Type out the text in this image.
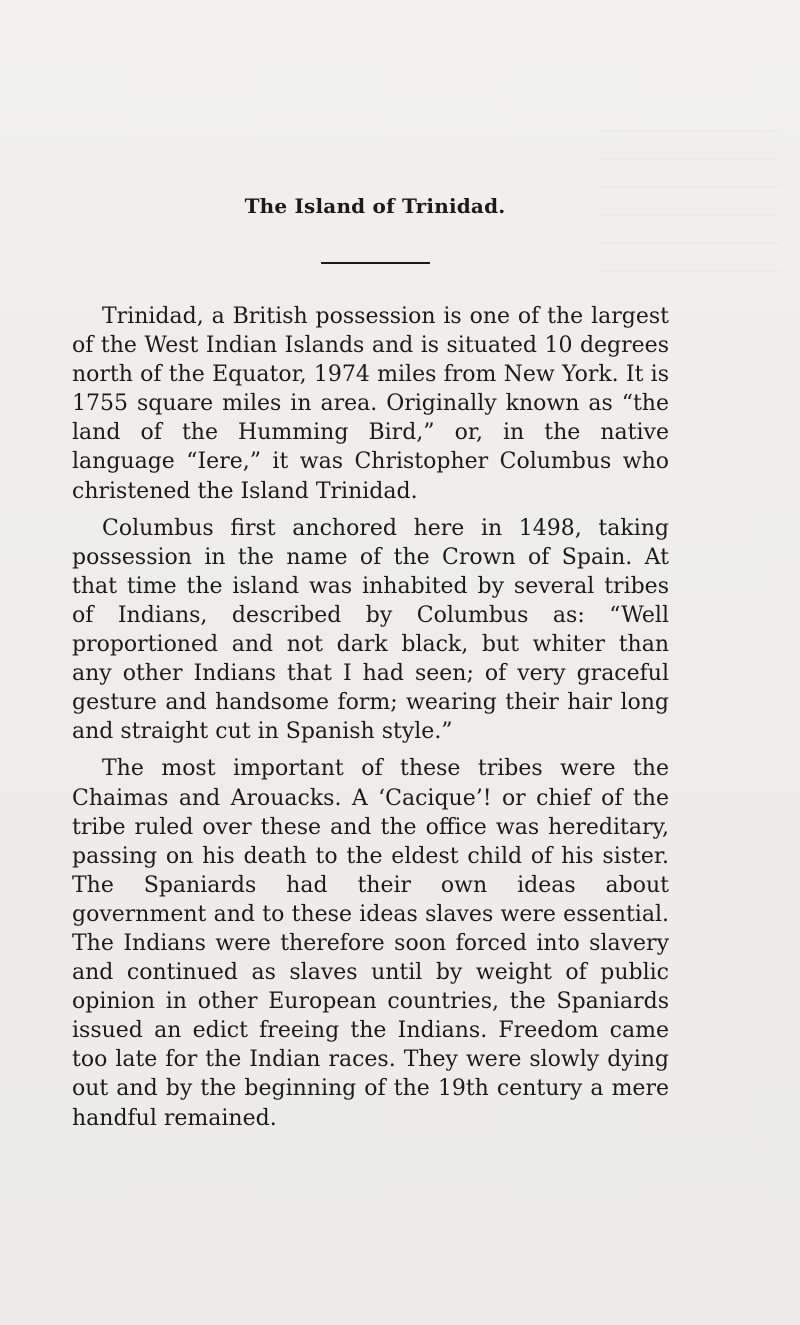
The Island of Trinidad.

Trinidad, a British possession is one of the largest of the West Indian Islands and is situated 10 degrees north of the Equator, 1974 miles from New York. It is 1755 square miles in area. Originally known as “the land of the Humming Bird,” or, in the native language “Iere,” it was Christopher Columbus who christened the Island Trinidad.

Columbus first anchored here in 1498, taking possession in the name of the Crown of Spain. At that time the island was inhabited by several tribes of Indians, described by Columbus as: “Well proportioned and not dark black, but whiter than any other Indians that I had seen; of very graceful gesture and handsome form; wearing their hair long and straight cut in Spanish style.”

The most important of these tribes were the Chaimas and Arouacks. A ‘Cacique’! or chief of the tribe ruled over these and the office was hereditary, passing on his death to the eldest child of his sister. The Spaniards had their own ideas about government and to these ideas slaves were essential. The Indians were therefore soon forced into slavery and continued as slaves until by weight of public opinion in other European countries, the Spaniards issued an edict freeing the Indians. Freedom came too late for the Indian races. They were slowly dying out and by the beginning of the 19th century a mere handful remained.
